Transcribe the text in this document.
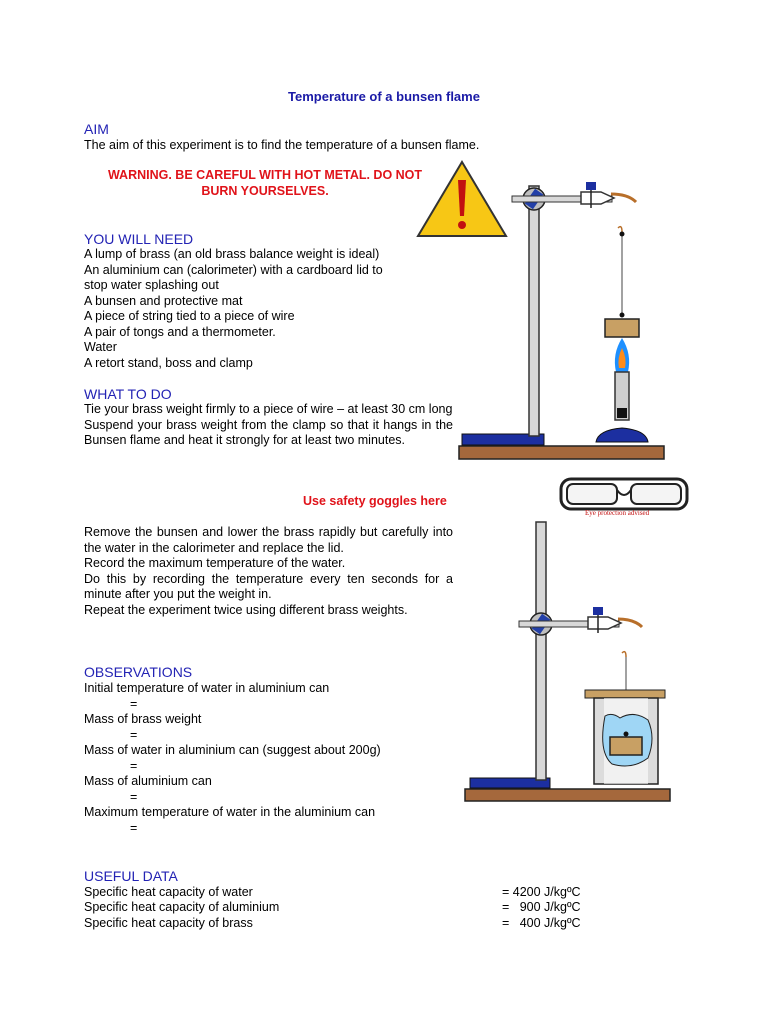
Temperature of a bunsen flame
AIM
The aim of this experiment is to find the temperature of a bunsen flame.
WARNING. BE CAREFUL WITH HOT METAL. DO NOT
BURN YOURSELVES.
YOU WILL NEED
A lump of brass (an old brass balance weight is ideal)
An aluminium can (calorimeter) with a cardboard lid to
stop water splashing out
A bunsen and protective mat
A piece of string tied to a piece of wire
A pair of tongs and a thermometer.
Water
A retort stand, boss and clamp
WHAT TO DO
Tie your brass weight firmly to a piece of wire – at least 30 cm long
Suspend your brass weight from the clamp so that it hangs in the Bunsen flame and heat it strongly for at least two minutes.
Use safety goggles here
Eye protection advised
Remove the bunsen and lower the brass rapidly but carefully into the water in the calorimeter and replace the lid.
Record the maximum temperature of the water.
Do this by recording the temperature every ten seconds for a minute after you put the weight in.
Repeat the experiment twice using different brass weights.
OBSERVATIONS
Initial temperature of water in aluminium can
=
Mass of brass weight
=
Mass of water in aluminium can (suggest about 200g)
=
Mass of aluminium can
=
Maximum temperature of water in the aluminium can
=
USEFUL DATA
Specific heat capacity of water	= 4200 J/kgºC
Specific heat capacity of aluminium	=   900 J/kgºC
Specific heat capacity of brass	=   400 J/kgºC
